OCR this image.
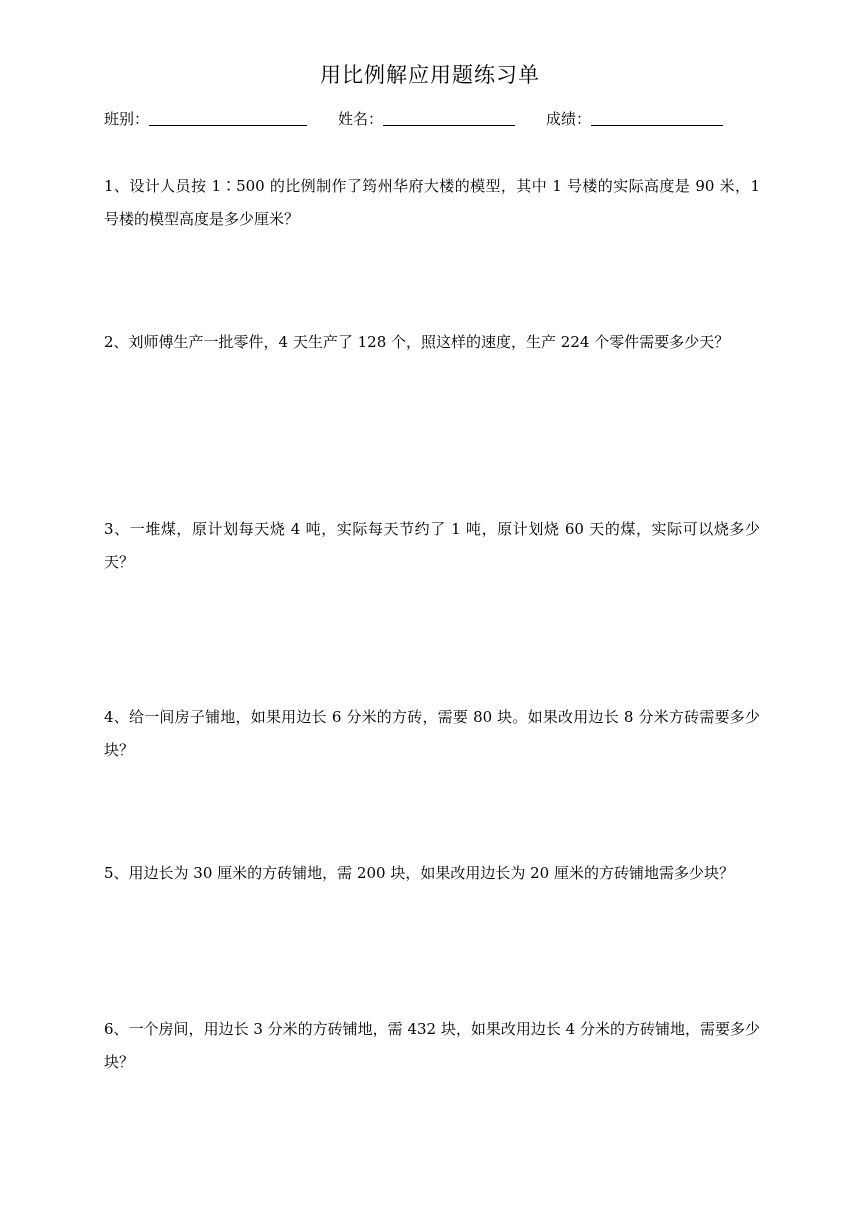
用比例解应用题练习单
班别：	姓名：	成绩：
1、设计人员按 1∶500 的比例制作了筠州华府大楼的模型，其中 1 号楼的实际高度是 90 米，1 号楼的模型高度是多少厘米？
2、刘师傅生产一批零件，4 天生产了 128 个，照这样的速度，生产 224 个零件需要多少天？
3、一堆煤，原计划每天烧 4 吨，实际每天节约了 1 吨，原计划烧 60 天的煤，实际可以烧多少天？
4、给一间房子铺地，如果用边长 6 分米的方砖，需要 80 块。如果改用边长 8 分米方砖需要多少块？
5、用边长为 30 厘米的方砖铺地，需 200 块，如果改用边长为 20 厘米的方砖铺地需多少块？
6、一个房间，用边长 3 分米的方砖铺地，需 432 块，如果改用边长 4 分米的方砖铺地，需要多少块？
